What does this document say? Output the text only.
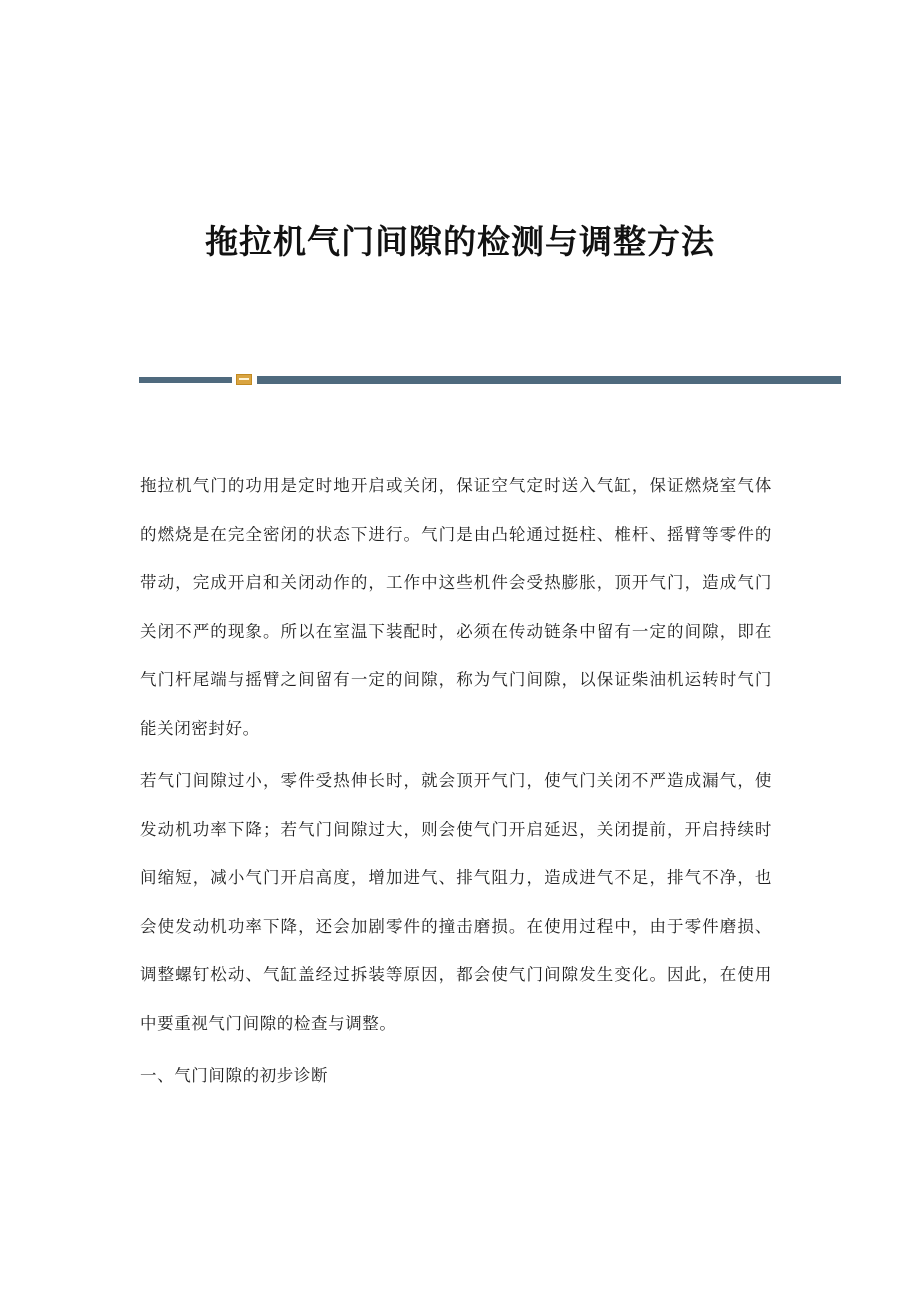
拖拉机气门间隙的检测与调整方法

拖拉机气门的功用是定时地开启或关闭，保证空气定时送入气缸，保证燃烧室气体的燃烧是在完全密闭的状态下进行。气门是由凸轮通过挺柱、椎杆、摇臂等零件的带动，完成开启和关闭动作的，工作中这些机件会受热膨胀，顶开气门，造成气门关闭不严的现象。所以在室温下装配时，必须在传动链条中留有一定的间隙，即在气门杆尾端与摇臂之间留有一定的间隙，称为气门间隙，以保证柴油机运转时气门能关闭密封好。

若气门间隙过小，零件受热伸长时，就会顶开气门，使气门关闭不严造成漏气，使发动机功率下降；若气门间隙过大，则会使气门开启延迟，关闭提前，开启持续时间缩短，减小气门开启高度，增加进气、排气阻力，造成进气不足，排气不净，也会使发动机功率下降，还会加剧零件的撞击磨损。在使用过程中，由于零件磨损、调整螺钉松动、气缸盖经过拆装等原因，都会使气门间隙发生变化。因此，在使用中要重视气门间隙的检查与调整。

一、气门间隙的初步诊断
